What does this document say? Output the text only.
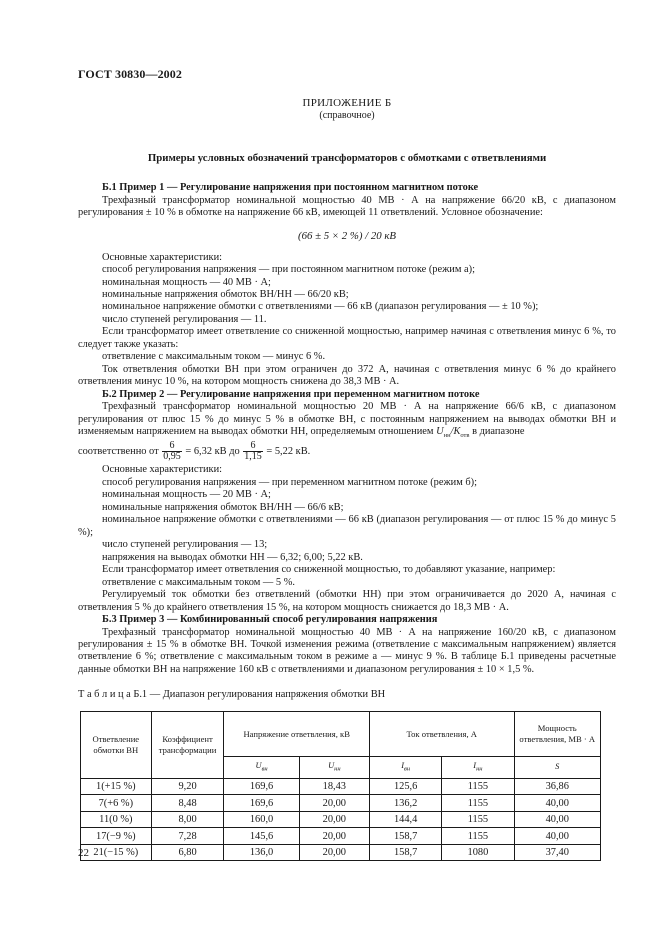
ГОСТ 30830—2002
ПРИЛОЖЕНИЕ Б
(справочное)
Примеры условных обозначений трансформаторов с обмотками с ответвлениями

Б.1 Пример 1 — Регулирование напряжения при постоянном магнитном потоке

Трехфазный трансформатор номинальной мощностью 40 МВ · А на напряжение 66/20 кВ, с диапазоном регулирования ± 10 % в обмотке на напряжение 66 кВ, имеющей 11 ответвлений. Условное обозначение:

(66 ± 5 × 2 %) / 20 кВ

Основные характеристики:

способ регулирования напряжения — при постоянном магнитном потоке (режим а);

номинальная мощность — 40 МВ · А;

номинальные напряжения обмоток ВН/НН — 66/20 кВ;

номинальное напряжение обмотки с ответвлениями — 66 кВ (диапазон регулирования — ± 10 %);

число ступеней регулирования — 11.

Если трансформатор имеет ответвление со сниженной мощностью, например начиная с ответвления минус 6 %, то следует также указать:

ответвление с максимальным током — минус 6 %.

Ток ответвления обмотки ВН при этом ограничен до 372 А, начиная с ответвления минус 6 % до крайнего ответвления минус 10 %, на котором мощность снижена до 38,3 МВ · А.

Б.2 Пример 2 — Регулирование напряжения при переменном магнитном потоке

Трехфазный трансформатор номинальной мощностью 20 МВ · А на напряжение 66/6 кВ, с диапазоном регулирования от плюс 15 % до минус 5 % в обмотке ВН, с постоянным напряжением на выводах обмотки ВН и изменяемым напряжением на выводах обмотки НН, определяемым отношением $U_{нн}/K_{отв}$ в диапазоне

соответственно от $\frac{6}{0,95} = 6,32$ кВ до $\frac{6}{1,15} = 5,22$ кВ.

Основные характеристики:

способ регулирования напряжения — при переменном магнитном потоке (режим б);

номинальная мощность — 20 МВ · А;

номинальные напряжения обмоток ВН/НН — 66/6 кВ;

номинальное напряжение обмотки с ответвлениями — 66 кВ (диапазон регулирования — от плюс 15 % до минус 5 %);

число ступеней регулирования — 13;

напряжения на выводах обмотки НН — 6,32; 6,00; 5,22 кВ.

Если трансформатор имеет ответвления со сниженной мощностью, то добавляют указание, например:

ответвление с максимальным током — 5 %.

Регулируемый ток обмотки без ответвлений (обмотки НН) при этом ограничивается до 2020 А, начиная с ответвления 5 % до крайнего ответвления 15 %, на котором мощность снижается до 18,3 МВ · А.

Б.3 Пример 3 — Комбинированный способ регулирования напряжения

Трехфазный трансформатор номинальной мощностью 40 МВ · А на напряжение 160/20 кВ, с диапазоном регулирования ± 15 % в обмотке ВН. Точкой изменения режима (ответвление с максимальным напряжением) является ответвление 6 %; ответвление с максимальным током в режиме а — минус 9 %. В таблице Б.1 приведены расчетные данные обмотки ВН на напряжение 160 кВ с ответвлениями и диапазоном регулирования ± 10 × 1,5 %.

Т а б л и ц а Б.1 — Диапазон регулирования напряжения обмотки ВН
Ответвление обмотки ВН	Коэффициент трансформации	Напряжение ответвления, кВ		Ток ответвления, А		Мощность ответвления, МВ · А
		$U_{вн}$	$U_{нн}$	$I_{вн}$	$I_{нн}$	S
1(+15 %)	9,20	169,6	18,43	125,6	1155	36,86
7(+6 %)	8,48	169,6	20,00	136,2	1155	40,00
11(0 %)	8,00	160,0	20,00	144,4	1155	40,00
17(−9 %)	7,28	145,6	20,00	158,7	1155	40,00
21(−15 %)	6,80	136,0	20,00	158,7	1080	37,40
22
